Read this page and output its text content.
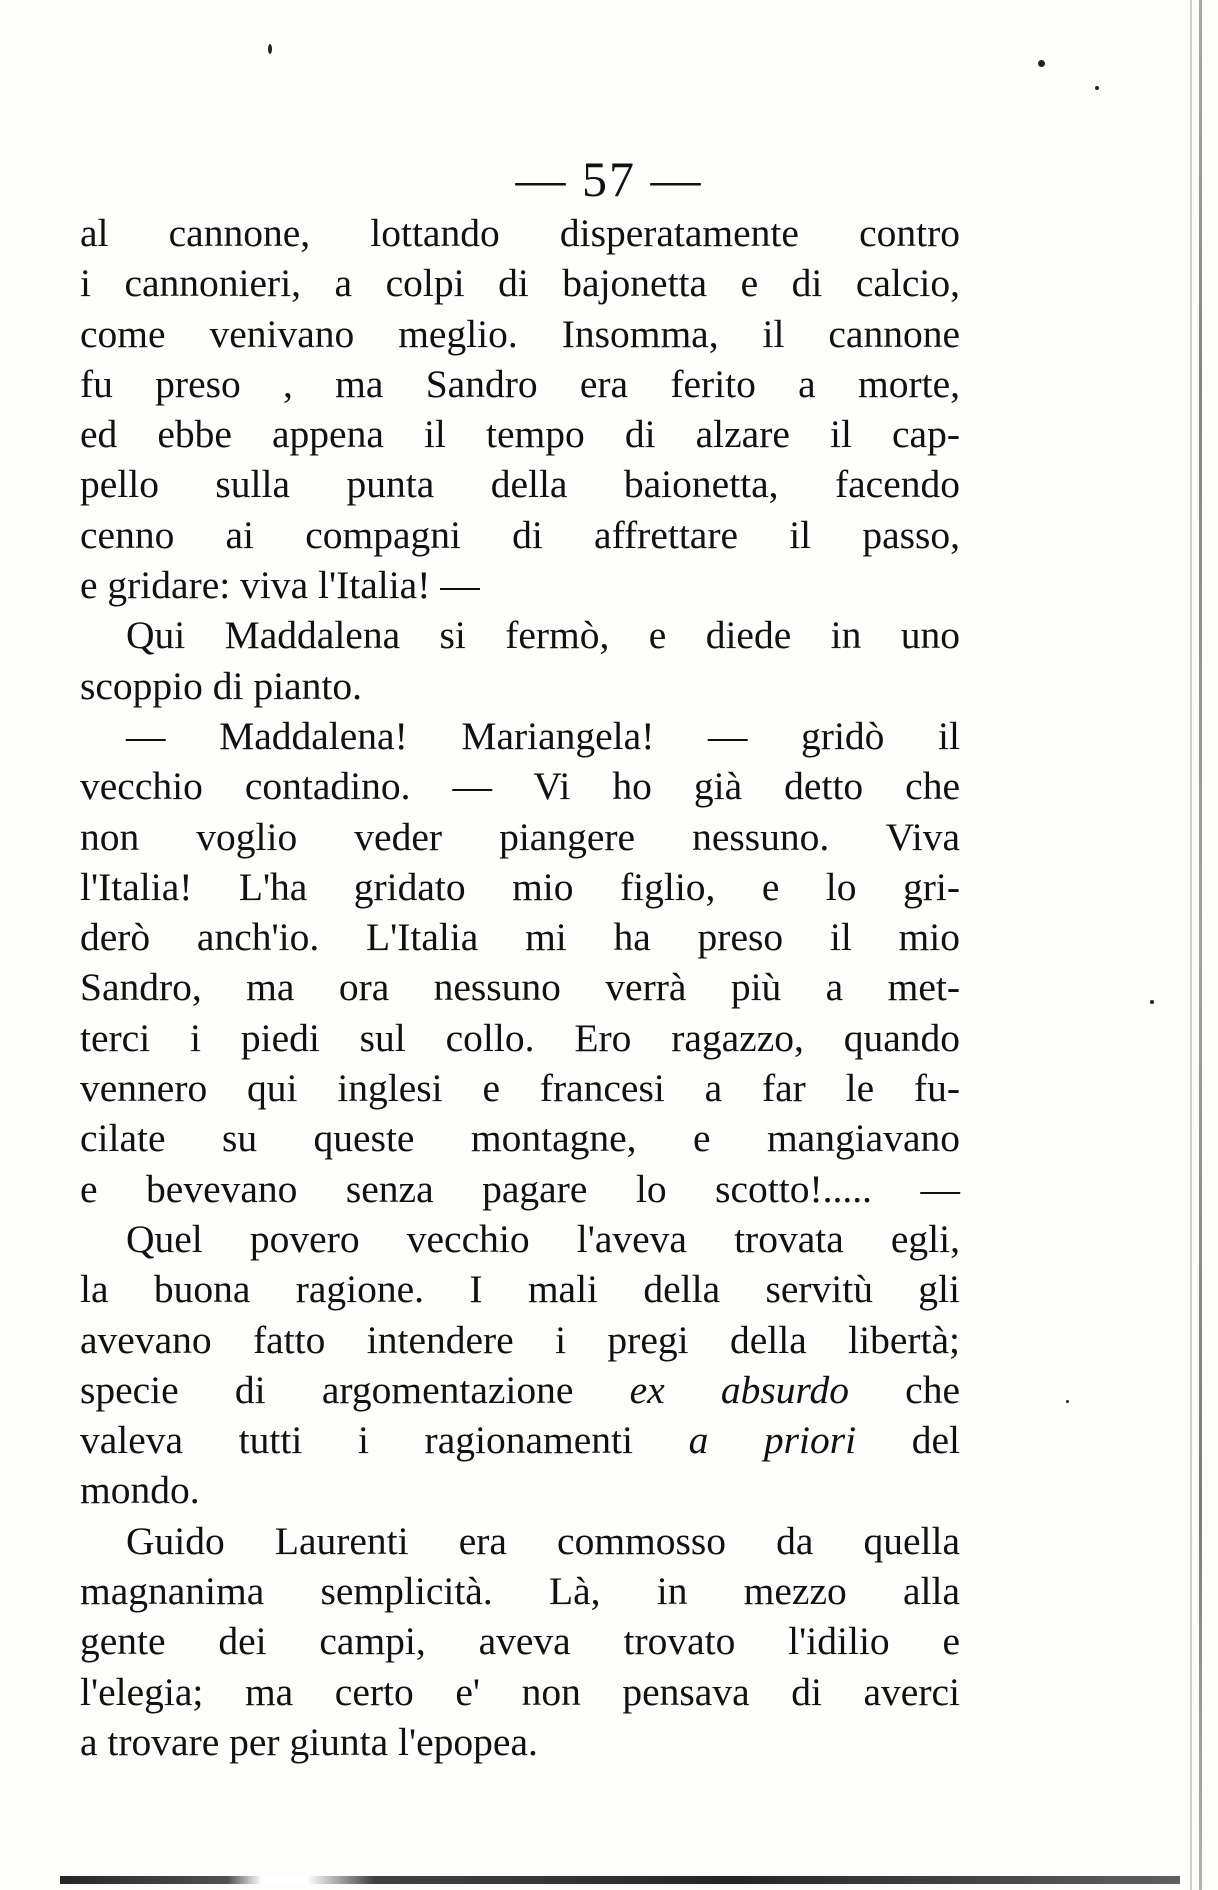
— 57 —
al cannone, lottando disperatamente contro
i cannonieri, a colpi di bajonetta e di calcio,
come venivano meglio. Insomma, il cannone
fu preso , ma Sandro era ferito a morte,
ed ebbe appena il tempo di alzare il cap-
pello sulla punta della baionetta, facendo
cenno ai compagni di affrettare il passo,
e gridare: viva l'Italia! —
Qui Maddalena si fermò, e diede in uno
scoppio di pianto.
— Maddalena! Mariangela! — gridò il
vecchio contadino. — Vi ho già detto che
non voglio veder piangere nessuno. Viva
l'Italia! L'ha gridato mio figlio, e lo gri-
derò anch'io. L'Italia mi ha preso il mio
Sandro, ma ora nessuno verrà più a met-
terci i piedi sul collo. Ero ragazzo, quando
vennero qui inglesi e francesi a far le fu-
cilate su queste montagne, e mangiavano
e bevevano senza pagare lo scotto!..... —
Quel povero vecchio l'aveva trovata egli,
la buona ragione. I mali della servitù gli
avevano fatto intendere i pregi della libertà;
specie di argomentazione ex absurdo che
valeva tutti i ragionamenti a priori del
mondo.
Guido Laurenti era commosso da quella
magnanima semplicità. Là, in mezzo alla
gente dei campi, aveva trovato l'idilio e
l'elegia; ma certo e' non pensava di averci
a trovare per giunta l'epopea.
